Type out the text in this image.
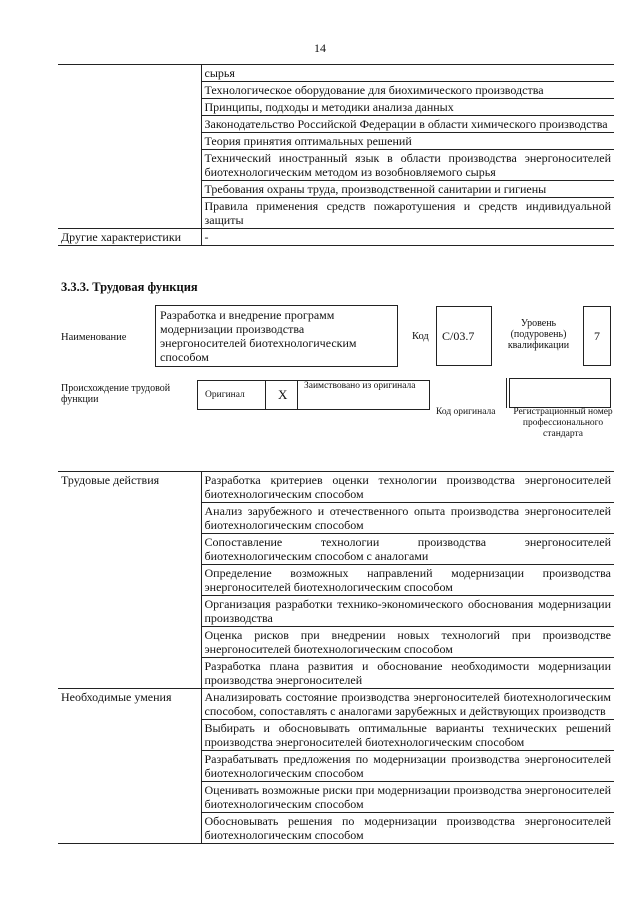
14
	сырья
	Технологическое оборудование для биохимического производства
	Принципы, подходы и методики анализа данных
	Законодательство Российской Федерации в области химического производства
	Теория принятия оптимальных решений
	Технический иностранный язык в области производства энергоносителей биотехнологическим методом из возобновляемого сырья
	Требования охраны труда, производственной санитарии и гигиены
	Правила применения средств пожаротушения и средств индивидуальной защиты
Другие характеристики	-
3.3.3. Трудовая функция
Наименование
Разработка и внедрение программ модернизации производства энергоносителей биотехнологическим способом
Код C/03.7
Уровень (подуровень) квалификации
7
Происхождение трудовой функции	Оригинал	X
Заимствовано из оригинала
Код оригинала Регистрационный номер профессионального стандарта
Трудовые действия	Разработка критериев оценки технологии производства энергоносителей биотехнологическим способом
	Анализ зарубежного и отечественного опыта производства энергоносителей биотехнологическим способом
	Сопоставление технологии производства энергоносителей биотехнологическим способом с аналогами
	Определение возможных направлений модернизации производства энергоносителей биотехнологическим способом
	Организация разработки технико-экономического обоснования модернизации производства
	Оценка рисков при внедрении новых технологий при производстве энергоносителей биотехнологическим способом
	Разработка плана развития и обоснование необходимости модернизации производства энергоносителей
Необходимые умения	Анализировать состояние производства энергоносителей биотехнологическим способом, сопоставлять с аналогами зарубежных и действующих производств
	Выбирать и обосновывать оптимальные варианты технических решений производства энергоносителей биотехнологическим способом
	Разрабатывать предложения по модернизации производства энергоносителей биотехнологическим способом
	Оценивать возможные риски при модернизации производства энергоносителей биотехнологическим способом
	Обосновывать решения по модернизации производства энергоносителей биотехнологическим способом
